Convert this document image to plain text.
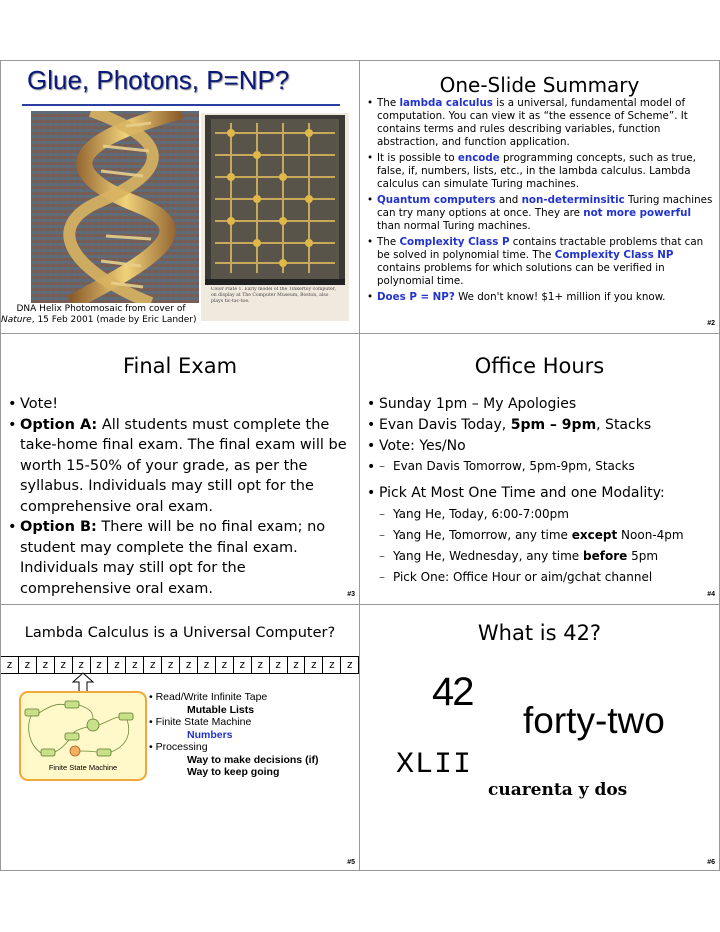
Glue, Photons, P=NP?
Color Plate 1. Early model of the Tinkertoy computer, on display at The Computer Museum, Boston, also plays tic-tac-toe.
DNA Helix Photomosaic from cover of
Nature, 15 Feb 2001 (made by Eric Lander)
One-Slide Summary
• The lambda calculus is a universal, fundamental model of computation. You can view it as “the essence of Scheme”. It contains terms and rules describing variables, function abstraction, and function application.
• It is possible to encode programming concepts, such as true, false, if, numbers, lists, etc., in the lambda calculus. Lambda calculus can simulate Turing machines.
• Quantum computers and non-determinsitic Turing machines can try many options at once. They are not more powerful than normal Turing machines.
• The Complexity Class P contains tractable problems that can be solved in polynomial time. The Complexity Class NP contains problems for which solutions can be verified in polynomial time.
• Does P = NP? We don't know! $1+ million if you know.
#2
Final Exam
• Vote!
• Option A: All students must complete the take-home final exam. The final exam will be worth 15-50% of your grade, as per the syllabus. Individuals may still opt for the comprehensive oral exam.
• Option B: There will be no final exam; no student may complete the final exam. Individuals may still opt for the comprehensive oral exam.	#3
Office Hours
• Sunday 1pm – My Apologies
• Evan Davis Today, 5pm – 9pm, Stacks
• Vote: Yes/No
– • Evan Davis Tomorrow, 5pm-9pm, Stacks
• Pick At Most One Time and one Modality:
– Yang He, Today, 6:00-7:00pm
– Yang He, Tomorrow, any time except Noon-4pm
– Yang He, Wednesday, any time before 5pm
– Pick One: Office Hour or aim/gchat channel
#4
Lambda Calculus is a Universal Computer?
z	z	z	z	z	z	z	z	z	z	z	z	z	z	z	z	z	z	z	z
Finite State Machine
• Read/Write Infinite Tape
Mutable Lists
• Finite State Machine
Numbers
• Processing
Way to make decisions (if)
Way to keep going
#5
What is 42?
42
forty-two
XLII
cuarenta y dos
#6
